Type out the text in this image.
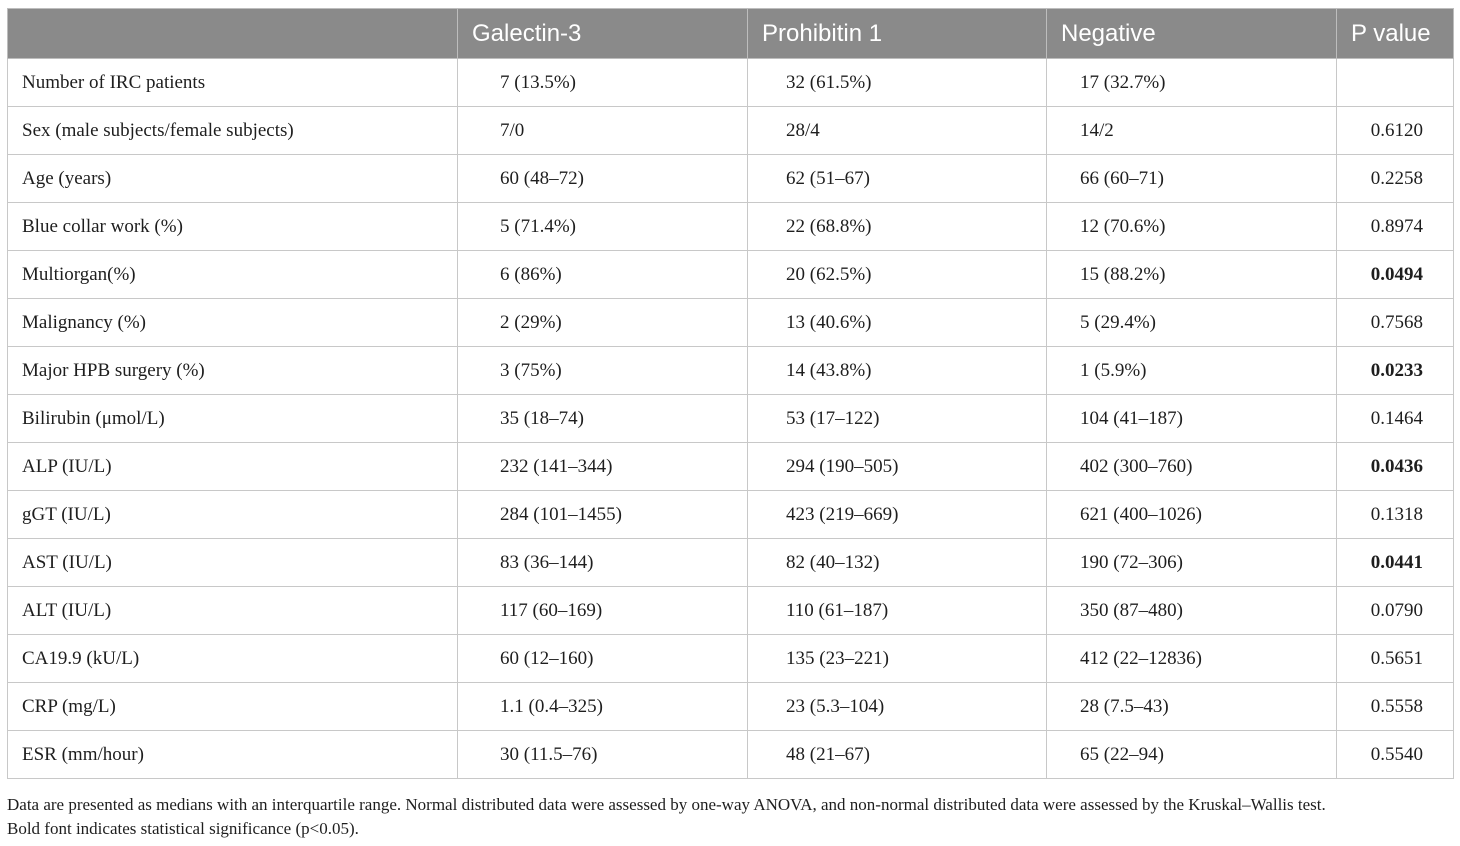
	Galectin-3	Prohibitin 1	Negative	P value
Number of IRC patients	7 (13.5%)	32 (61.5%)	17 (32.7%)	
Sex (male subjects/female subjects)	7/0	28/4	14/2	0.6120
Age (years)	60 (48–72)	62 (51–67)	66 (60–71)	0.2258
Blue collar work (%)	5 (71.4%)	22 (68.8%)	12 (70.6%)	0.8974
Multiorgan(%)	6 (86%)	20 (62.5%)	15 (88.2%)	0.0494
Malignancy (%)	2 (29%)	13 (40.6%)	5 (29.4%)	0.7568
Major HPB surgery (%)	3 (75%)	14 (43.8%)	1 (5.9%)	0.0233
Bilirubin (μmol/L)	35 (18–74)	53 (17–122)	104 (41–187)	0.1464
ALP (IU/L)	232 (141–344)	294 (190–505)	402 (300–760)	0.0436
gGT (IU/L)	284 (101–1455)	423 (219–669)	621 (400–1026)	0.1318
AST (IU/L)	83 (36–144)	82 (40–132)	190 (72–306)	0.0441
ALT (IU/L)	117 (60–169)	110 (61–187)	350 (87–480)	0.0790
CA19.9 (kU/L)	60 (12–160)	135 (23–221)	412 (22–12836)	0.5651
CRP (mg/L)	1.1 (0.4–325)	23 (5.3–104)	28 (7.5–43)	0.5558
ESR (mm/hour)	30 (11.5–76)	48 (21–67)	65 (22–94)	0.5540
Data are presented as medians with an interquartile range. Normal distributed data were assessed by one-way ANOVA, and non-normal distributed data were assessed by the Kruskal–Wallis test.
Bold font indicates statistical significance (p<0.05).
